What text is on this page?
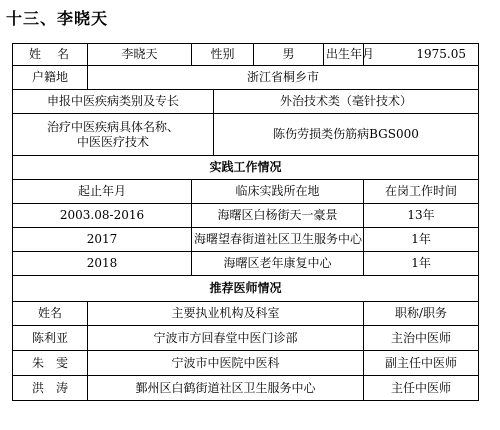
十三、李晓天
姓　名	李晓天	性别		男	出生年月	1975.05
户籍地	浙江省桐乡市					
申报中医疾病类别及专长			外治技术类（毫针技术）			
治疗中医疾病具体名称、中医医疗技术			陈伤劳损类伤筋病BGS000			
实践工作情况						
起止年月		临床实践所在地				在岗工作时间
2003.08-2016		海曙区白杨街天一豪景				13年
2017		海曙望春街道社区卫生服务中心				1年
2018		海曙区老年康复中心				1年
推荐医师情况						
姓名	主要执业机构及科室					职称/职务
陈利亚	宁波市方回春堂中医门诊部					主治中医师
朱　雯	宁波市中医院中医科					副主任中医师
洪　涛	鄞州区白鹤街道社区卫生服务中心					主任中医师
